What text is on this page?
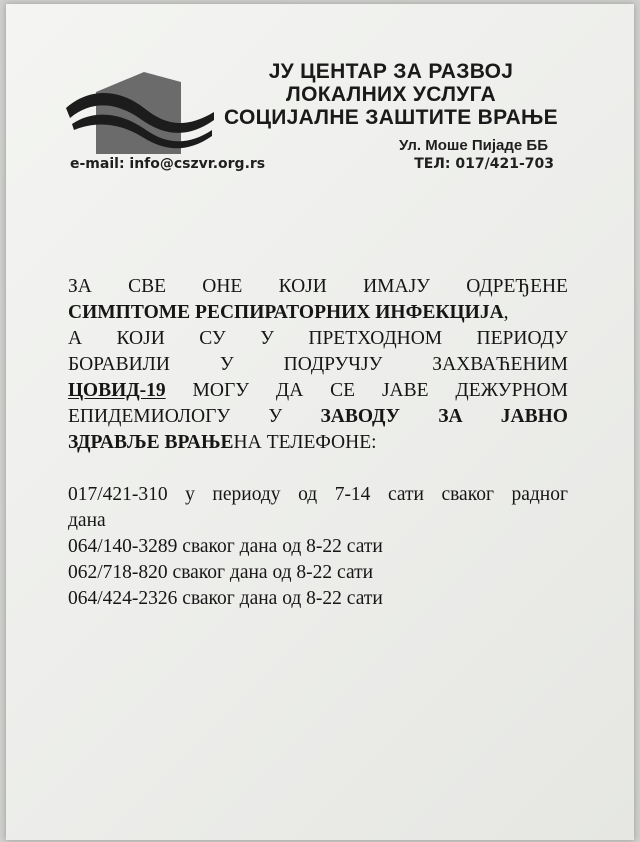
ЈУ ЦЕНТАР ЗА РАЗВОЈ
ЛОКАЛНИХ УСЛУГА
СОЦИЈАЛНЕ ЗАШТИТЕ ВРАЊЕ
Ул. Моше Пијаде ББ
e-mail: info@cszvr.org.rs	ТЕЛ: 017/421-703
ЗА СВЕ ОНЕ КОЈИ ИМАЈУ ОДРЕЂЕНЕ
СИМПТОМЕ РЕСПИРАТОРНИХ ИНФЕКЦИЈА ,
А КОЈИ СУ У ПРЕТХОДНОМ ПЕРИОДУ
БОРАВИЛИ	У	ПОДРУЧЈУ	ЗАХВАЋЕНИМ
ЦОВИД-19 МОГУ ДА СЕ ЈАВЕ ДЕЖУРНОМ
ЕПИДЕМИОЛОГУ У ЗАВОДУ ЗА ЈАВНО
ЗДРАВЉЕ ВРАЊЕ НА ТЕЛЕФОНЕ:
017/421-310 у периоду од 7-14 сати сваког радног
дана
064/140-3289 сваког дана од 8-22 сати
062/718-820 сваког дана од 8-22 сати
064/424-2326 сваког дана од 8-22 сати
